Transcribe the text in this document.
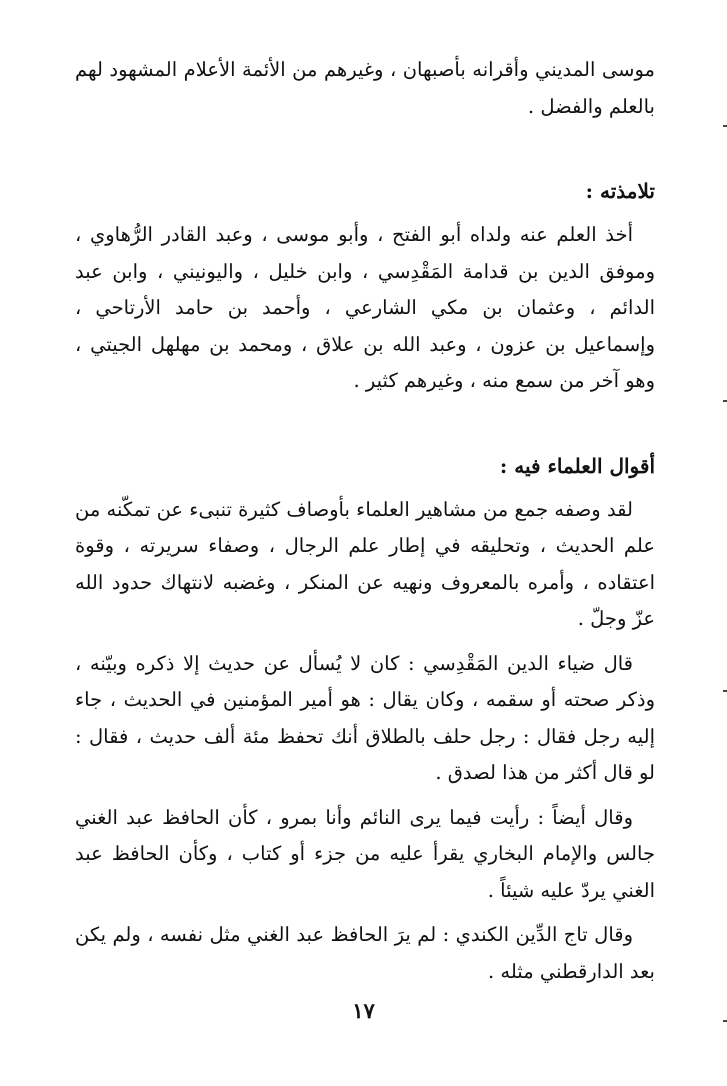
موسى المديني وأقرانه بأصبهان ، وغيرهم من الأئمة الأعلام المشهود لهم بالعلم والفضل .

تلامذته :

أخذ العلم عنه ولداه أبو الفتح ، وأبو موسى ، وعبد القادر الرُّهاوي ، وموفق الدين بن قدامة المَقْدِسي ، وابن خليل ، واليونيني ، وابن عبد الدائم ، وعثمان بن مكي الشارعي ، وأحمد بن حامد الأرتاحي ، وإسماعيل بن عزون ، وعبد الله بن علاق ، ومحمد بن مهلهل الجيتي ، وهو آخر من سمع منه ، وغيرهم كثير .

أقوال العلماء فيه :

لقد وصفه جمع من مشاهير العلماء بأوصاف كثيرة تنبىء عن تمكّنه من علم الحديث ، وتحليقه في إطار علم الرجال ، وصفاء سريرته ، وقوة اعتقاده ، وأمره بالمعروف ونهيه عن المنكر ، وغضبه لانتهاك حدود الله عزّ وجلّ .

قال ضياء الدين المَقْدِسي : كان لا يُسأل عن حديث إلا ذكره وبيّنه ، وذكر صحته أو سقمه ، وكان يقال : هو أمير المؤمنين في الحديث ، جاء إليه رجل فقال : رجل حلف بالطلاق أنك تحفظ مئة ألف حديث ، فقال : لو قال أكثر من هذا لصدق .

وقال أيضاً : رأيت فيما يرى النائم وأنا بمرو ، كأن الحافظ عبد الغني جالس والإمام البخاري يقرأ عليه من جزء أو كتاب ، وكأن الحافظ عبد الغني يردّ عليه شيئاً .

وقال تاج الدِّين الكندي : لم يرَ الحافظ عبد الغني مثل نفسه ، ولم يكن بعد الدارقطني مثله .

١٧
